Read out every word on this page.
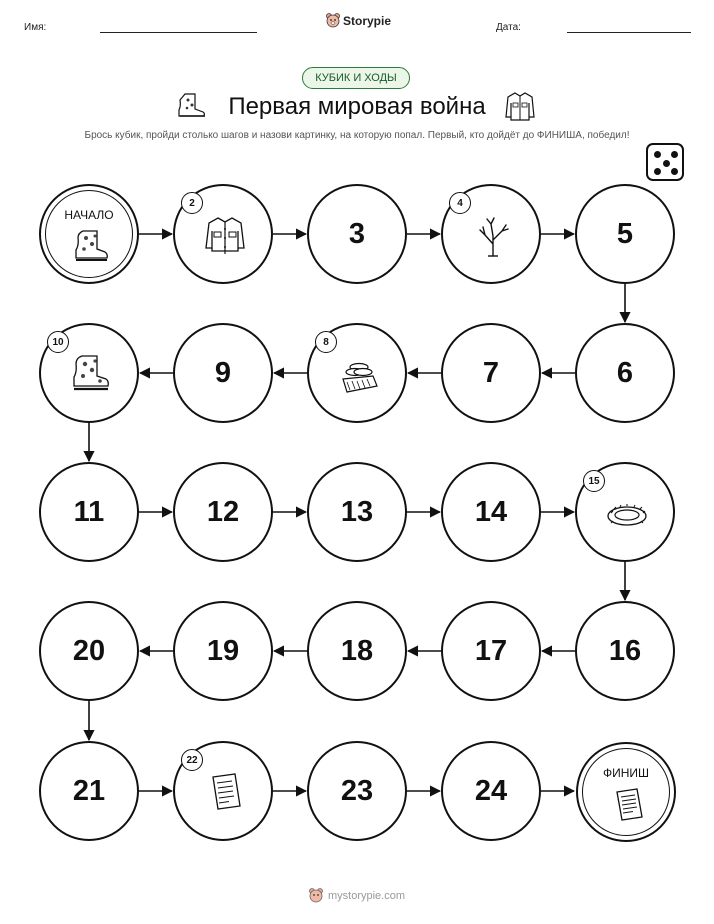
Имя:	Storypie	Дата:
КУБИК И ХОДЫ
Первая мировая война
Брось кубик, пройди столько шагов и назови картинку, на которую попал. Первый, кто дойдёт до ФИНИША, победил!
НАЧАЛО
ФИНИШ
2
3
4
5
6
7
8
9
10
11	12	13	14
15
16
17
18
19
20
21
22
23	24
mystorypie.com
